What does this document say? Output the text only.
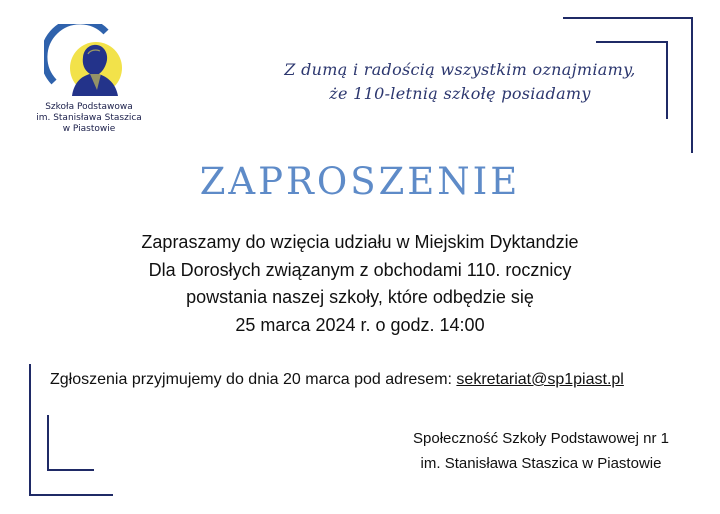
Szkoła Podstawowa
im. Stanisława Staszica
w Piastowie
Z dumą i radością wszystkim oznajmiamy,
że 110-letnią szkołę posiadamy
ZAPROSZENIE
Zapraszamy do wzięcia udziału w Miejskim Dyktandzie
Dla Dorosłych związanym z obchodami 110. rocznicy
powstania naszej szkoły, które odbędzie się
25 marca 2024 r. o godz. 14:00
Zgłoszenia przyjmujemy do dnia 20 marca pod adresem: sekretariat@sp1piast.pl
Społeczność Szkoły Podstawowej nr 1
im. Stanisława Staszica w Piastowie
